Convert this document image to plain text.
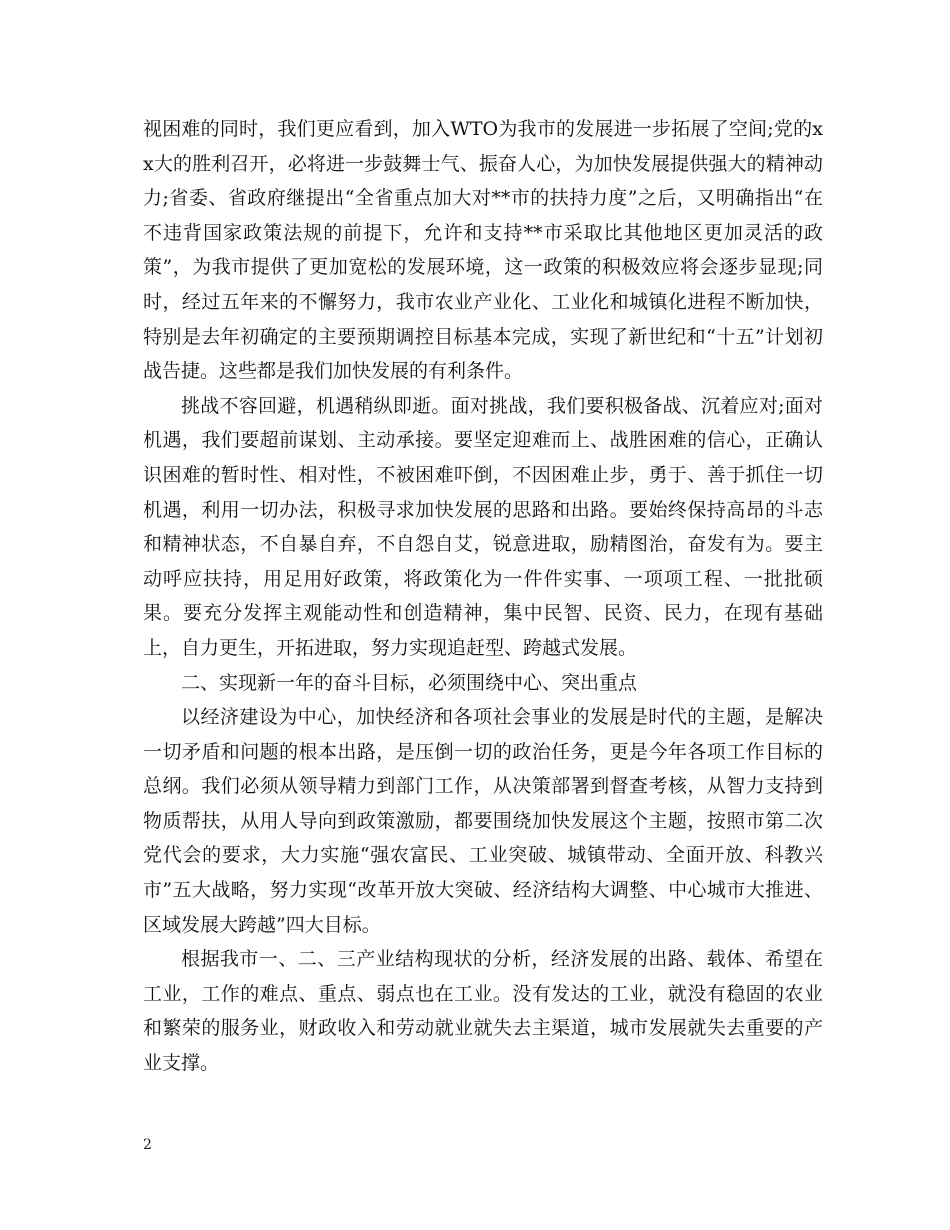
视困难的同时，我们更应看到，加入WTO为我市的发展进一步拓展了空间;党的xx大的胜利召开，必将进一步鼓舞士气、振奋人心，为加快发展提供强大的精神动力;省委、省政府继提出“全省重点加大对**市的扶持力度”之后，又明确指出“在不违背国家政策法规的前提下，允许和支持**市采取比其他地区更加灵活的政策”，为我市提供了更加宽松的发展环境，这一政策的积极效应将会逐步显现;同时，经过五年来的不懈努力，我市农业产业化、工业化和城镇化进程不断加快，特别是去年初确定的主要预期调控目标基本完成，实现了新世纪和“十五”计划初战告捷。这些都是我们加快发展的有利条件。

挑战不容回避，机遇稍纵即逝。面对挑战，我们要积极备战、沉着应对;面对机遇，我们要超前谋划、主动承接。要坚定迎难而上、战胜困难的信心，正确认识困难的暂时性、相对性，不被困难吓倒，不因困难止步，勇于、善于抓住一切机遇，利用一切办法，积极寻求加快发展的思路和出路。要始终保持高昂的斗志和精神状态，不自暴自弃，不自怨自艾，锐意进取，励精图治，奋发有为。要主动呼应扶持，用足用好政策，将政策化为一件件实事、一项项工程、一批批硕果。要充分发挥主观能动性和创造精神，集中民智、民资、民力，在现有基础上，自力更生，开拓进取，努力实现追赶型、跨越式发展。

二、实现新一年的奋斗目标，必须围绕中心、突出重点

以经济建设为中心，加快经济和各项社会事业的发展是时代的主题，是解决一切矛盾和问题的根本出路，是压倒一切的政治任务，更是今年各项工作目标的总纲。我们必须从领导精力到部门工作，从决策部署到督查考核，从智力支持到物质帮扶，从用人导向到政策激励，都要围绕加快发展这个主题，按照市第二次党代会的要求，大力实施“强农富民、工业突破、城镇带动、全面开放、科教兴市”五大战略，努力实现“改革开放大突破、经济结构大调整、中心城市大推进、区域发展大跨越”四大目标。

根据我市一、二、三产业结构现状的分析，经济发展的出路、载体、希望在工业，工作的难点、重点、弱点也在工业。没有发达的工业，就没有稳固的农业和繁荣的服务业，财政收入和劳动就业就失去主渠道，城市发展就失去重要的产业支撑。

2
